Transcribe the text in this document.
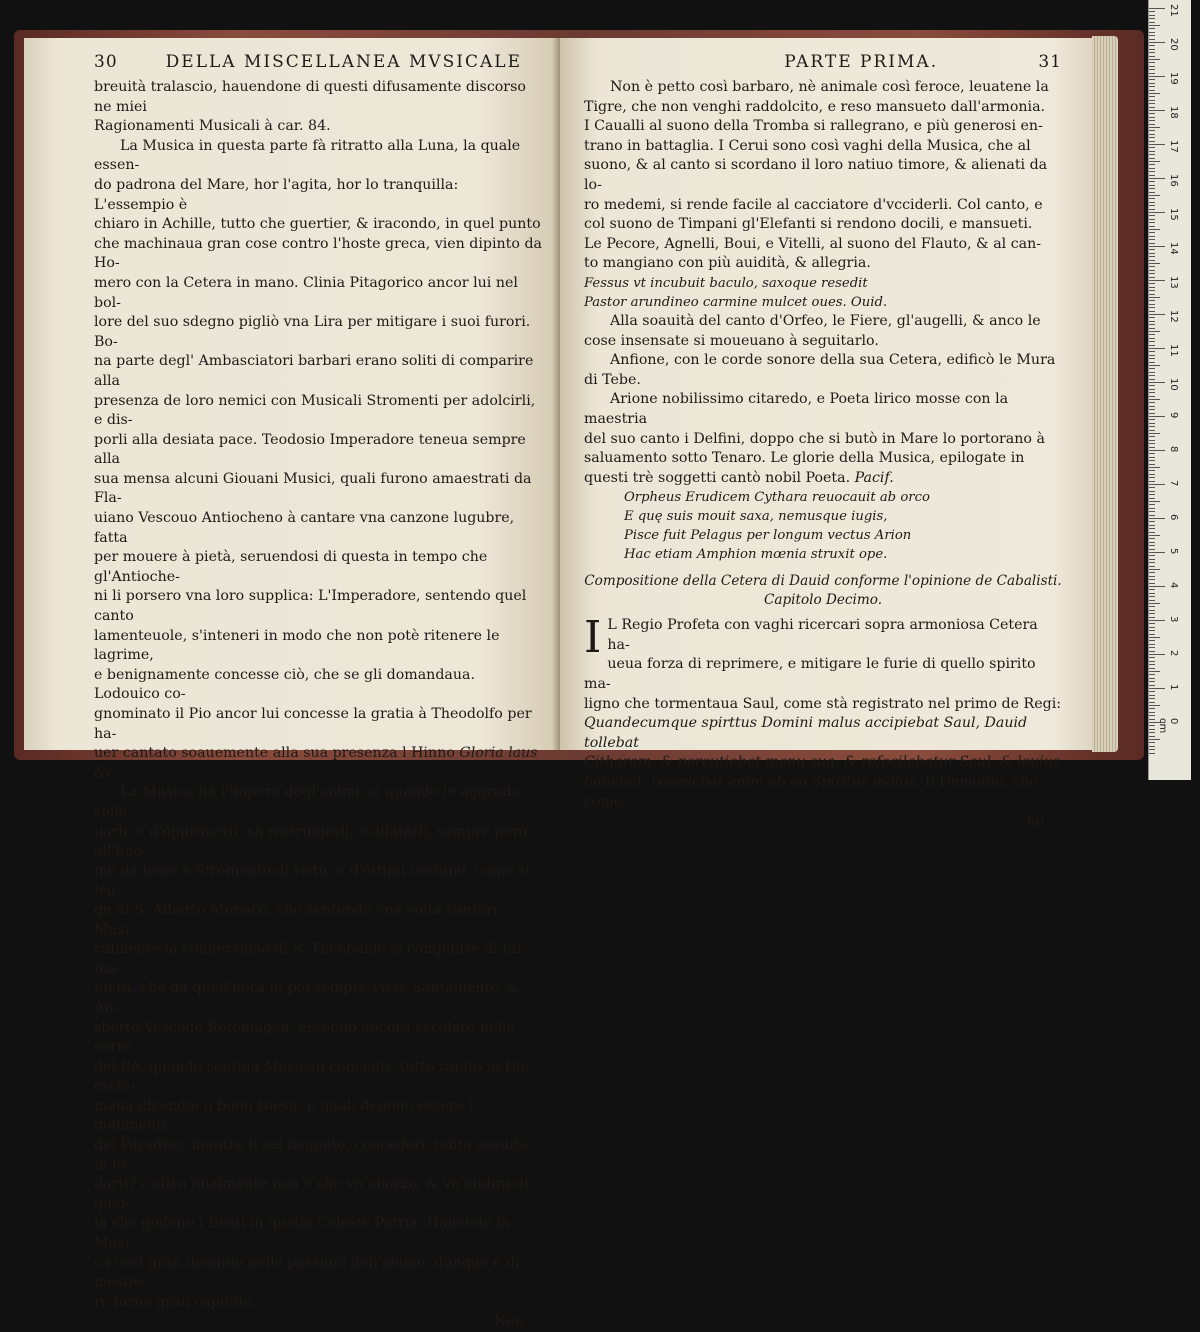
30	DELLA MISCELLANEA MVSICALE

breuità tralascio, hauendone di questi difusamente discorso ne miei

Ragionamenti Musicali à car. 84.

La Musica in questa parte fà ritratto alla Luna, la quale essen-

do padrona del Mare, hor l'agita, hor lo tranquilla: L'essempio è

chiaro in Achille, tutto che guertier, & iracondo, in quel punto

che machinaua gran cose contro l'hoste greca, vien dipinto da Ho-

mero con la Cetera in mano. Clinia Pitagorico ancor lui nel bol-

lore del suo sdegno pigliò vna Lira per mitigare i suoi furori. Bo-

na parte degl' Ambasciatori barbari erano soliti di comparire alla

presenza de loro nemici con Musicali Stromenti per adolcirli, e dis-

porli alla desiata pace. Teodosio Imperadore teneua sempre alla

sua mensa alcuni Giouani Musici, quali furono amaestrati da Fla-

uiano Vescouo Antiocheno à cantare vna canzone lugubre, fatta

per mouere à pietà, seruendosi di questa in tempo che gl'Antioche-

ni li porsero vna loro supplica: L'Imperadore, sentendo quel canto

lamenteuole, s'inteneri in modo che non potè ritenere le lagrime,

e benignamente concesse ciò, che se gli domandaua. Lodouico co-

gnominato il Pio ancor lui concesse la gratia à Theodolfo per ha-

uer cantato soauemente alla sua presenza l Hinno Gloria laus &c.

La Musica hà l'impero degl'animi, sì quando le aggrada solle-

uarli, e d'opprimerli, sà restringerli, e dilatarli, sempre però all'huo-

mo da bene è Stromento di virtù, e d'ottimi costumi, come si leg-

ge di S. Alberto Monaco, che sentendo vna volta cantare Musi-

calmente la conuersione di S. Theobaldo si compunse di tal ma-

niera, che da quell'hora in poi sempre visse Santamente. S. An-

sberto Vescouo Rotomagen. essendo ancora secolare nella corte

del Rè, quando sentiua Musicali concenti, tutto rapito in Dio, escla-

maua dicendo: ò buon Giesù, e quali deuono essere i godimenti

del Paradiso, mentre ti sei degnato, concedere tanta soauità in lo-

darti? c'altro finalmente non è che vn'abozzo, & vn'ombra di quel-

la che godono i Beati in quella Celeste Patria. Hauendo la Musi-

ca così gran dominio nelle passioni dell'animo, dunque è di mestie-

re farne gran capitale.

Non
PARTE PRIMA.	31

Non è petto così barbaro, nè animale così feroce, leuatene la

Tigre, che non venghi raddolcito, e reso mansueto dall'armonia.

I Caualli al suono della Tromba si rallegrano, e più generosi en-

trano in battaglia. I Cerui sono così vaghi della Musica, che al

suono, & al canto si scordano il loro natiuo timore, & alienati da lo-

ro medemi, si rende facile al cacciatore d'vcciderli. Col canto, e

col suono de Timpani gl'Elefanti si rendono docili, e mansueti.

Le Pecore, Agnelli, Boui, e Vitelli, al suono del Flauto, & al can-

to mangiano con più auidità, & allegria.

Fessus vt incubuit baculo, saxoque resedit

Pastor arundineo carmine mulcet oues. Ouid.

Alla soauità del canto d'Orfeo, le Fiere, gl'augelli, & anco le

cose insensate si moueuano à seguitarlo.

Anfione, con le corde sonore della sua Cetera, edificò le Mura

di Tebe.

Arione nobilissimo citaredo, e Poeta lirico mosse con la maestria

del suo canto i Delfini, doppo che si butò in Mare lo portorano à

saluamento sotto Tenaro. Le glorie della Musica, epilogate in

questi trè soggetti cantò nobil Poeta. Pacif.

Orpheus Erudicem Cythara reuocauit ab orco

E quę suis mouit saxa, nemusque iugis,

Pisce fuit Pelagus per longum vectus Arion

Hac etiam Amphion mœnia struxit ope.

Compositione della Cetera di Dauid conforme l'opinione de Cabalisti.
Capitolo Decimo.
I L Regio Profeta con vaghi ricercari sopra armoniosa Cetera ha-

ueua forza di reprimere, e mitigare le furie di quello spirito ma-

ligno che tormentaua Saul, come stà registrato nel primo de Regi:

Quandecumque spirttus Domini malus accipiebat Saul, Dauid tollebat

Citharam, & percutiebat manu sua, & refocilabatur Saul, & leuius

habebat, recedebat enim ab eo Spiritus malus. Il Demonio, che come

hò
21
20
19
18
17
16
15
14
13
12
11
10
9
8
7
6
5
4
3
2
1
0 cm
